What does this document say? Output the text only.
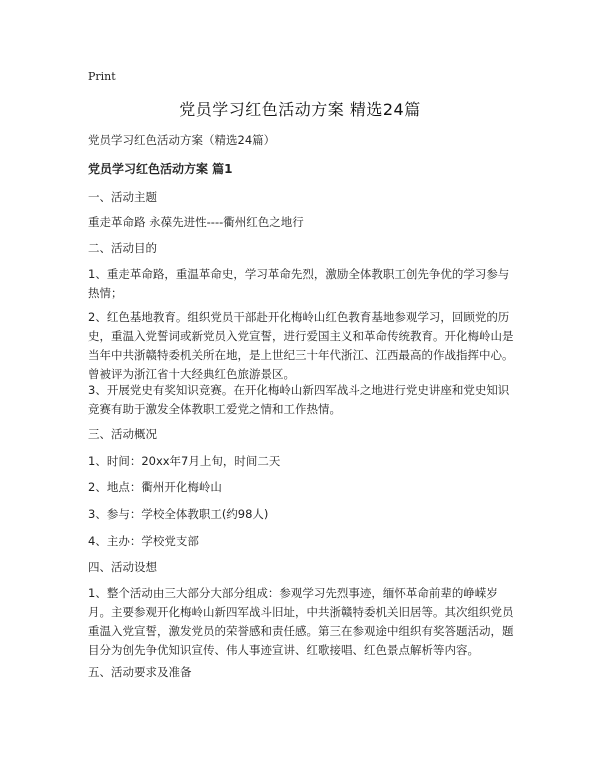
Print
党员学习红色活动方案 精选24篇

党员学习红色活动方案（精选24篇）

党员学习红色活动方案 篇1

一、活动主题

重走革命路 永葆先进性----衢州红色之地行

二、活动目的

1、重走革命路，重温革命史，学习革命先烈，激励全体教职工创先争优的学习参与热情；

2、红色基地教育。组织党员干部赴开化梅岭山红色教育基地参观学习，回顾党的历史，重温入党誓词或新党员入党宣誓，进行爱国主义和革命传统教育。开化梅岭山是当年中共浙赣特委机关所在地，是上世纪三十年代浙江、江西最高的作战指挥中心。曾被评为浙江省十大经典红色旅游景区。

3、开展党史有奖知识竞赛。在开化梅岭山新四军战斗之地进行党史讲座和党史知识竞赛有助于激发全体教职工爱党之情和工作热情。

三、活动概况

1、时间：20xx年7月上旬，时间二天

2、地点：衢州开化梅岭山

3、参与：学校全体教职工(约98人)

4、主办：学校党支部

四、活动设想

1、整个活动由三大部分大部分组成：参观学习先烈事迹，缅怀革命前辈的峥嵘岁月。主要参观开化梅岭山新四军战斗旧址，中共浙赣特委机关旧居等。其次组织党员重温入党宣誓，激发党员的荣誉感和责任感。第三在参观途中组织有奖答题活动，题目分为创先争优知识宣传、伟人事迹宣讲、红歌接唱、红色景点解析等内容。

五、活动要求及准备
